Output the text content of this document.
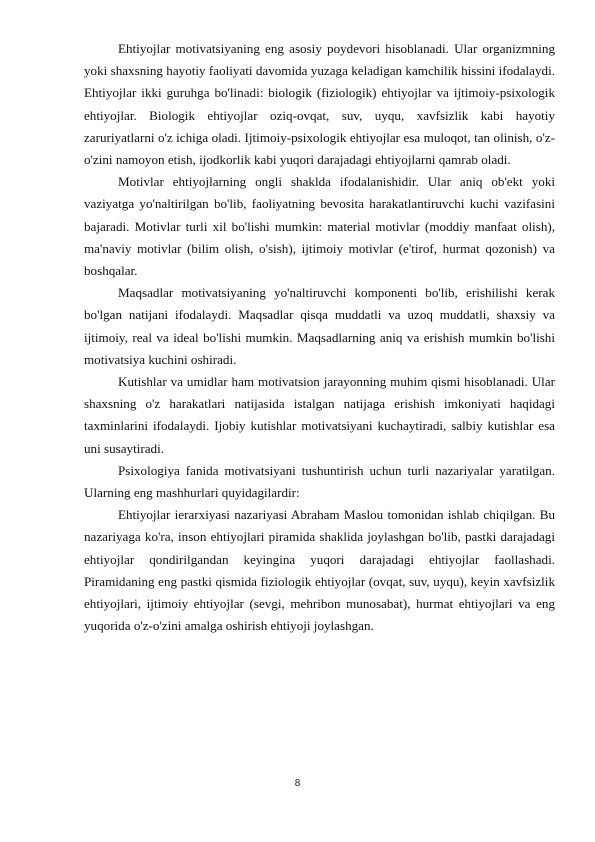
Ehtiyojlar motivatsiyaning eng asosiy poydevori hisoblanadi. Ular organizmning yoki shaxsning hayotiy faoliyati davomida yuzaga keladigan kamchilik hissini ifodalaydi. Ehtiyojlar ikki guruhga bo'linadi: biologik (fiziologik) ehtiyojlar va ijtimoiy-psixologik ehtiyojlar. Biologik ehtiyojlar oziq-ovqat, suv, uyqu, xavfsizlik kabi hayotiy zaruriyatlarni o'z ichiga oladi. Ijtimoiy-psixologik ehtiyojlar esa muloqot, tan olinish, o'z-o'zini namoyon etish, ijodkorlik kabi yuqori darajadagi ehtiyojlarni qamrab oladi.

Motivlar ehtiyojlarning ongli shaklda ifodalanishidir. Ular aniq ob'ekt yoki vaziyatga yo'naltirilgan bo'lib, faoliyatning bevosita harakatlantiruvchi kuchi vazifasini bajaradi. Motivlar turli xil bo'lishi mumkin: material motivlar (moddiy manfaat olish), ma'naviy motivlar (bilim olish, o'sish), ijtimoiy motivlar (e'tirof, hurmat qozonish) va boshqalar.

Maqsadlar motivatsiyaning yo'naltiruvchi komponenti bo'lib, erishilishi kerak bo'lgan natijani ifodalaydi. Maqsadlar qisqa muddatli va uzoq muddatli, shaxsiy va ijtimoiy, real va ideal bo'lishi mumkin. Maqsadlarning aniq va erishish mumkin bo'lishi motivatsiya kuchini oshiradi.

Kutishlar va umidlar ham motivatsion jarayonning muhim qismi hisoblanadi. Ular shaxsning o'z harakatlari natijasida istalgan natijaga erishish imkoniyati haqidagi taxminlarini ifodalaydi. Ijobiy kutishlar motivatsiyani kuchaytiradi, salbiy kutishlar esa uni susaytiradi.

Psixologiya fanida motivatsiyani tushuntirish uchun turli nazariyalar yaratilgan. Ularning eng mashhurlari quyidagilardir:

Ehtiyojlar ierarxiyasi nazariyasi Abraham Maslou tomonidan ishlab chiqilgan. Bu nazariyaga ko'ra, inson ehtiyojlari piramida shaklida joylashgan bo'lib, pastki darajadagi ehtiyojlar qondirilgandan keyingina yuqori darajadagi ehtiyojlar faollashadi. Piramidaning eng pastki qismida fiziologik ehtiyojlar (ovqat, suv, uyqu), keyin xavfsizlik ehtiyojlari, ijtimoiy ehtiyojlar (sevgi, mehribon munosabat), hurmat ehtiyojlari va eng yuqorida o'z-o'zini amalga oshirish ehtiyoji joylashgan.

8
